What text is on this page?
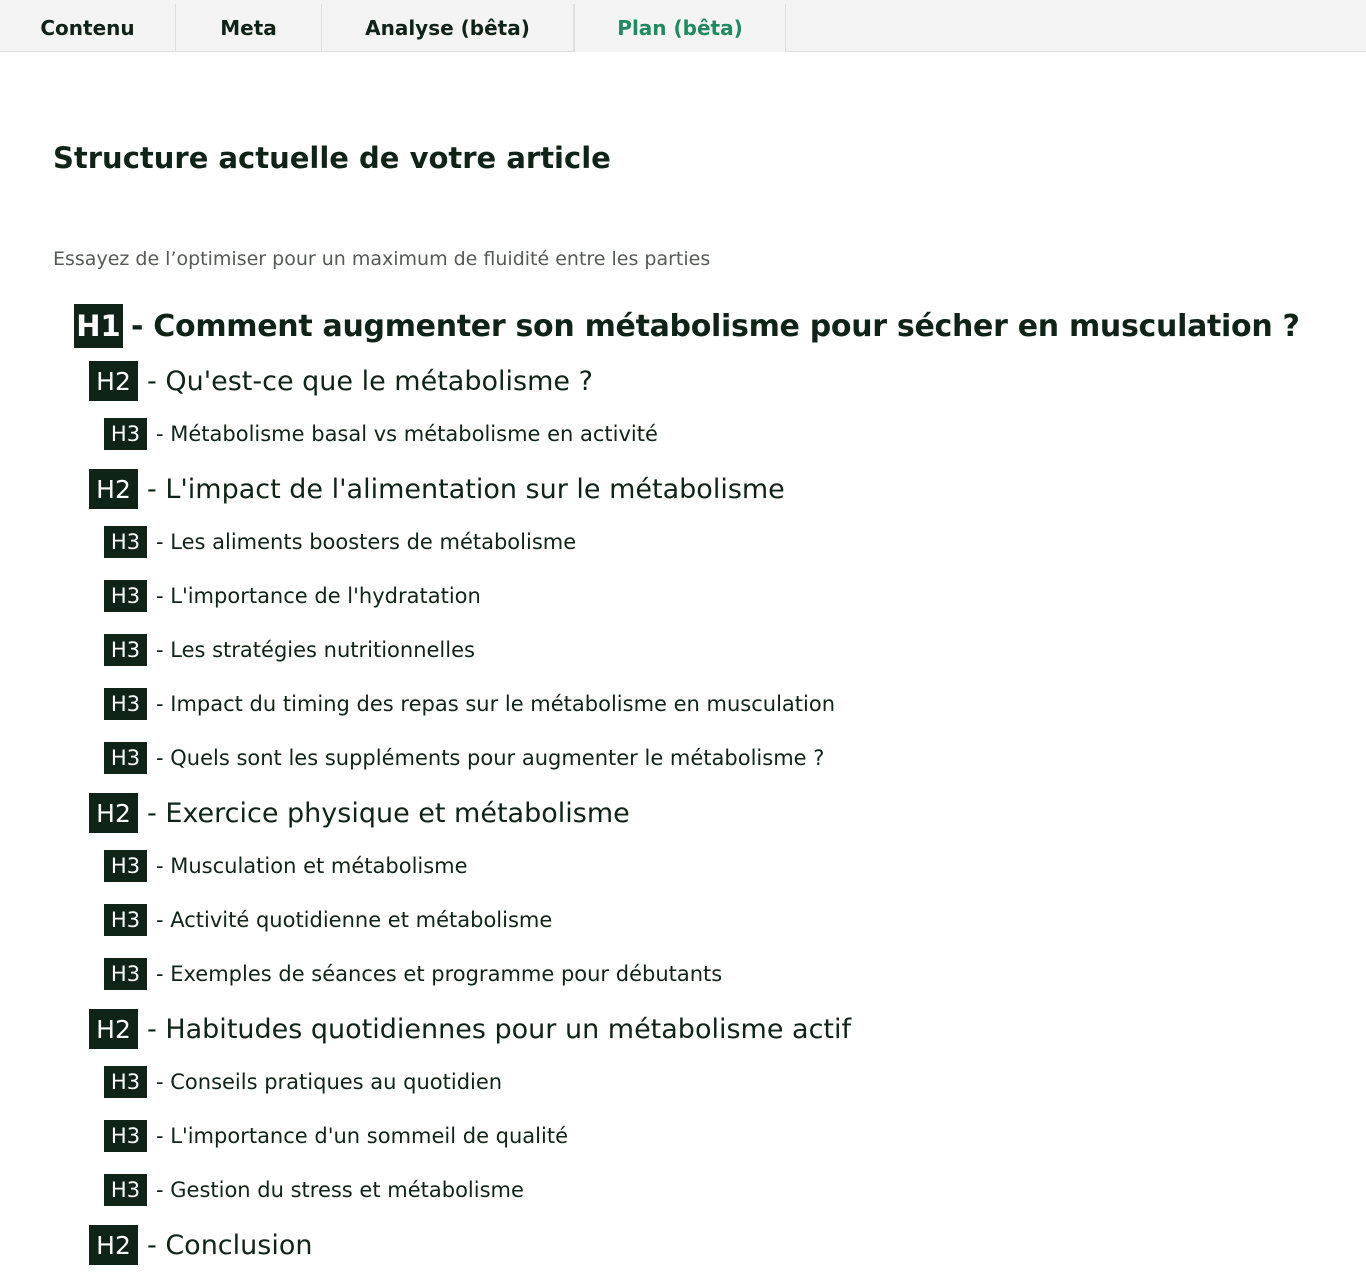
Contenu	Meta	Analyse (bêta)	Plan (bêta)
Structure actuelle de votre article

Essayez de l’optimiser pour un maximum de fluidité entre les parties

H1 - Comment augmenter son métabolisme pour sécher en musculation ?
H2 - Qu'est-ce que le métabolisme ?
H3 - Métabolisme basal vs métabolisme en activité
H2 - L'impact de l'alimentation sur le métabolisme
H3 - Les aliments boosters de métabolisme
H3 - L'importance de l'hydratation
H3 - Les stratégies nutritionnelles
H3 - Impact du timing des repas sur le métabolisme en musculation
H3 - Quels sont les suppléments pour augmenter le métabolisme ?
H2 - Exercice physique et métabolisme
H3 - Musculation et métabolisme
H3 - Activité quotidienne et métabolisme
H3 - Exemples de séances et programme pour débutants
H2 - Habitudes quotidiennes pour un métabolisme actif
H3 - Conseils pratiques au quotidien
H3 - L'importance d'un sommeil de qualité
H3 - Gestion du stress et métabolisme
H2 - Conclusion
